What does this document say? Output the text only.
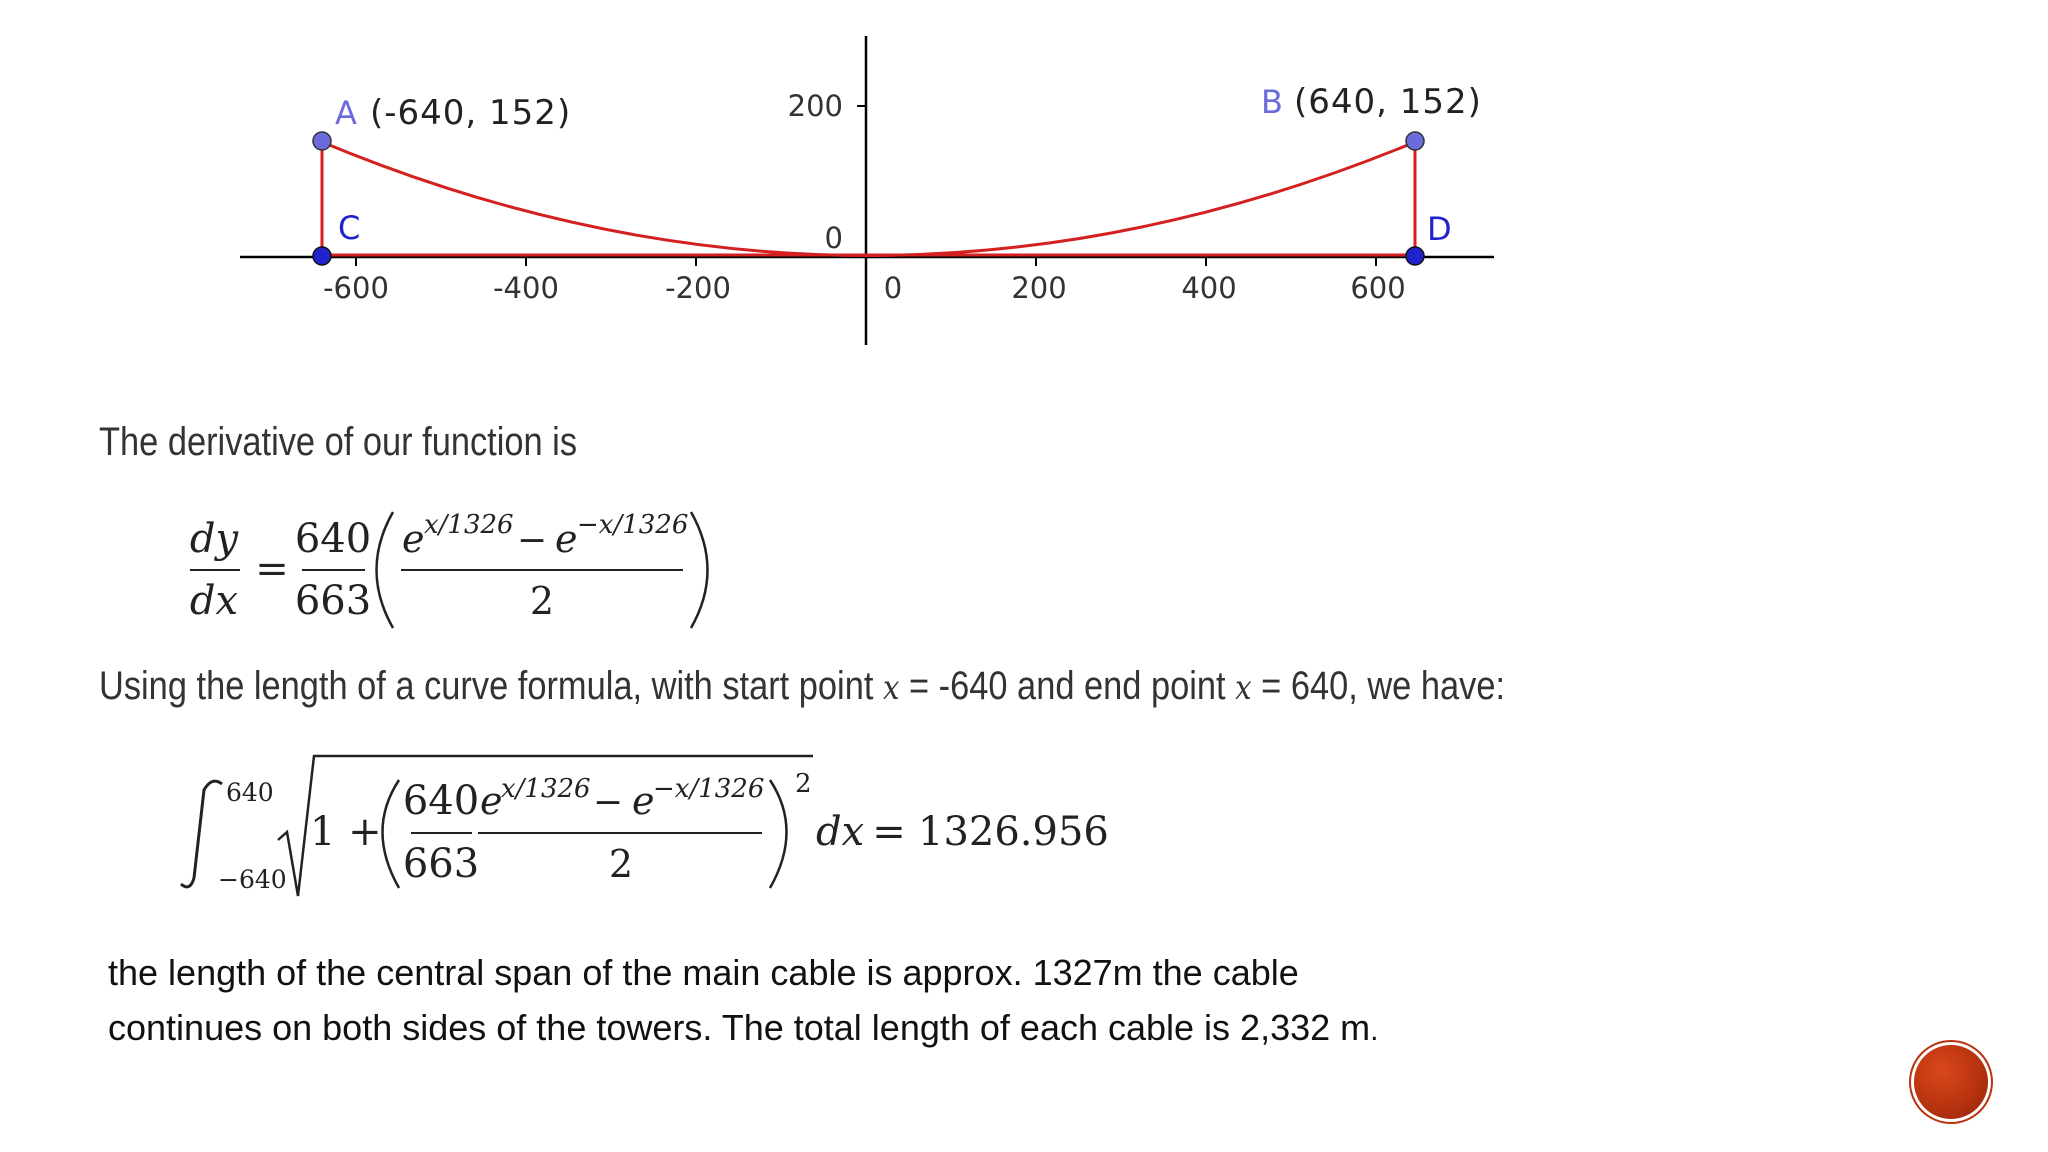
-600	-400	-200	0	200	400	600
200
0
A (-640, 152)	B (640, 152)
C	D
dy
dx
=
640
663
e x/1326 − e −x/1326
2
640
−640
1 +
640
663
e
x/1326 − e
−x/1326
2
2
dx = 1326.956
The derivative of our function is
Using the length of a curve formula, with start point x = -640 and end point x = 640, we have:

the length of the central span of the main cable is approx. 1327m the cable

continues on both sides of the towers. The total length of each cable is 2,332 m.
